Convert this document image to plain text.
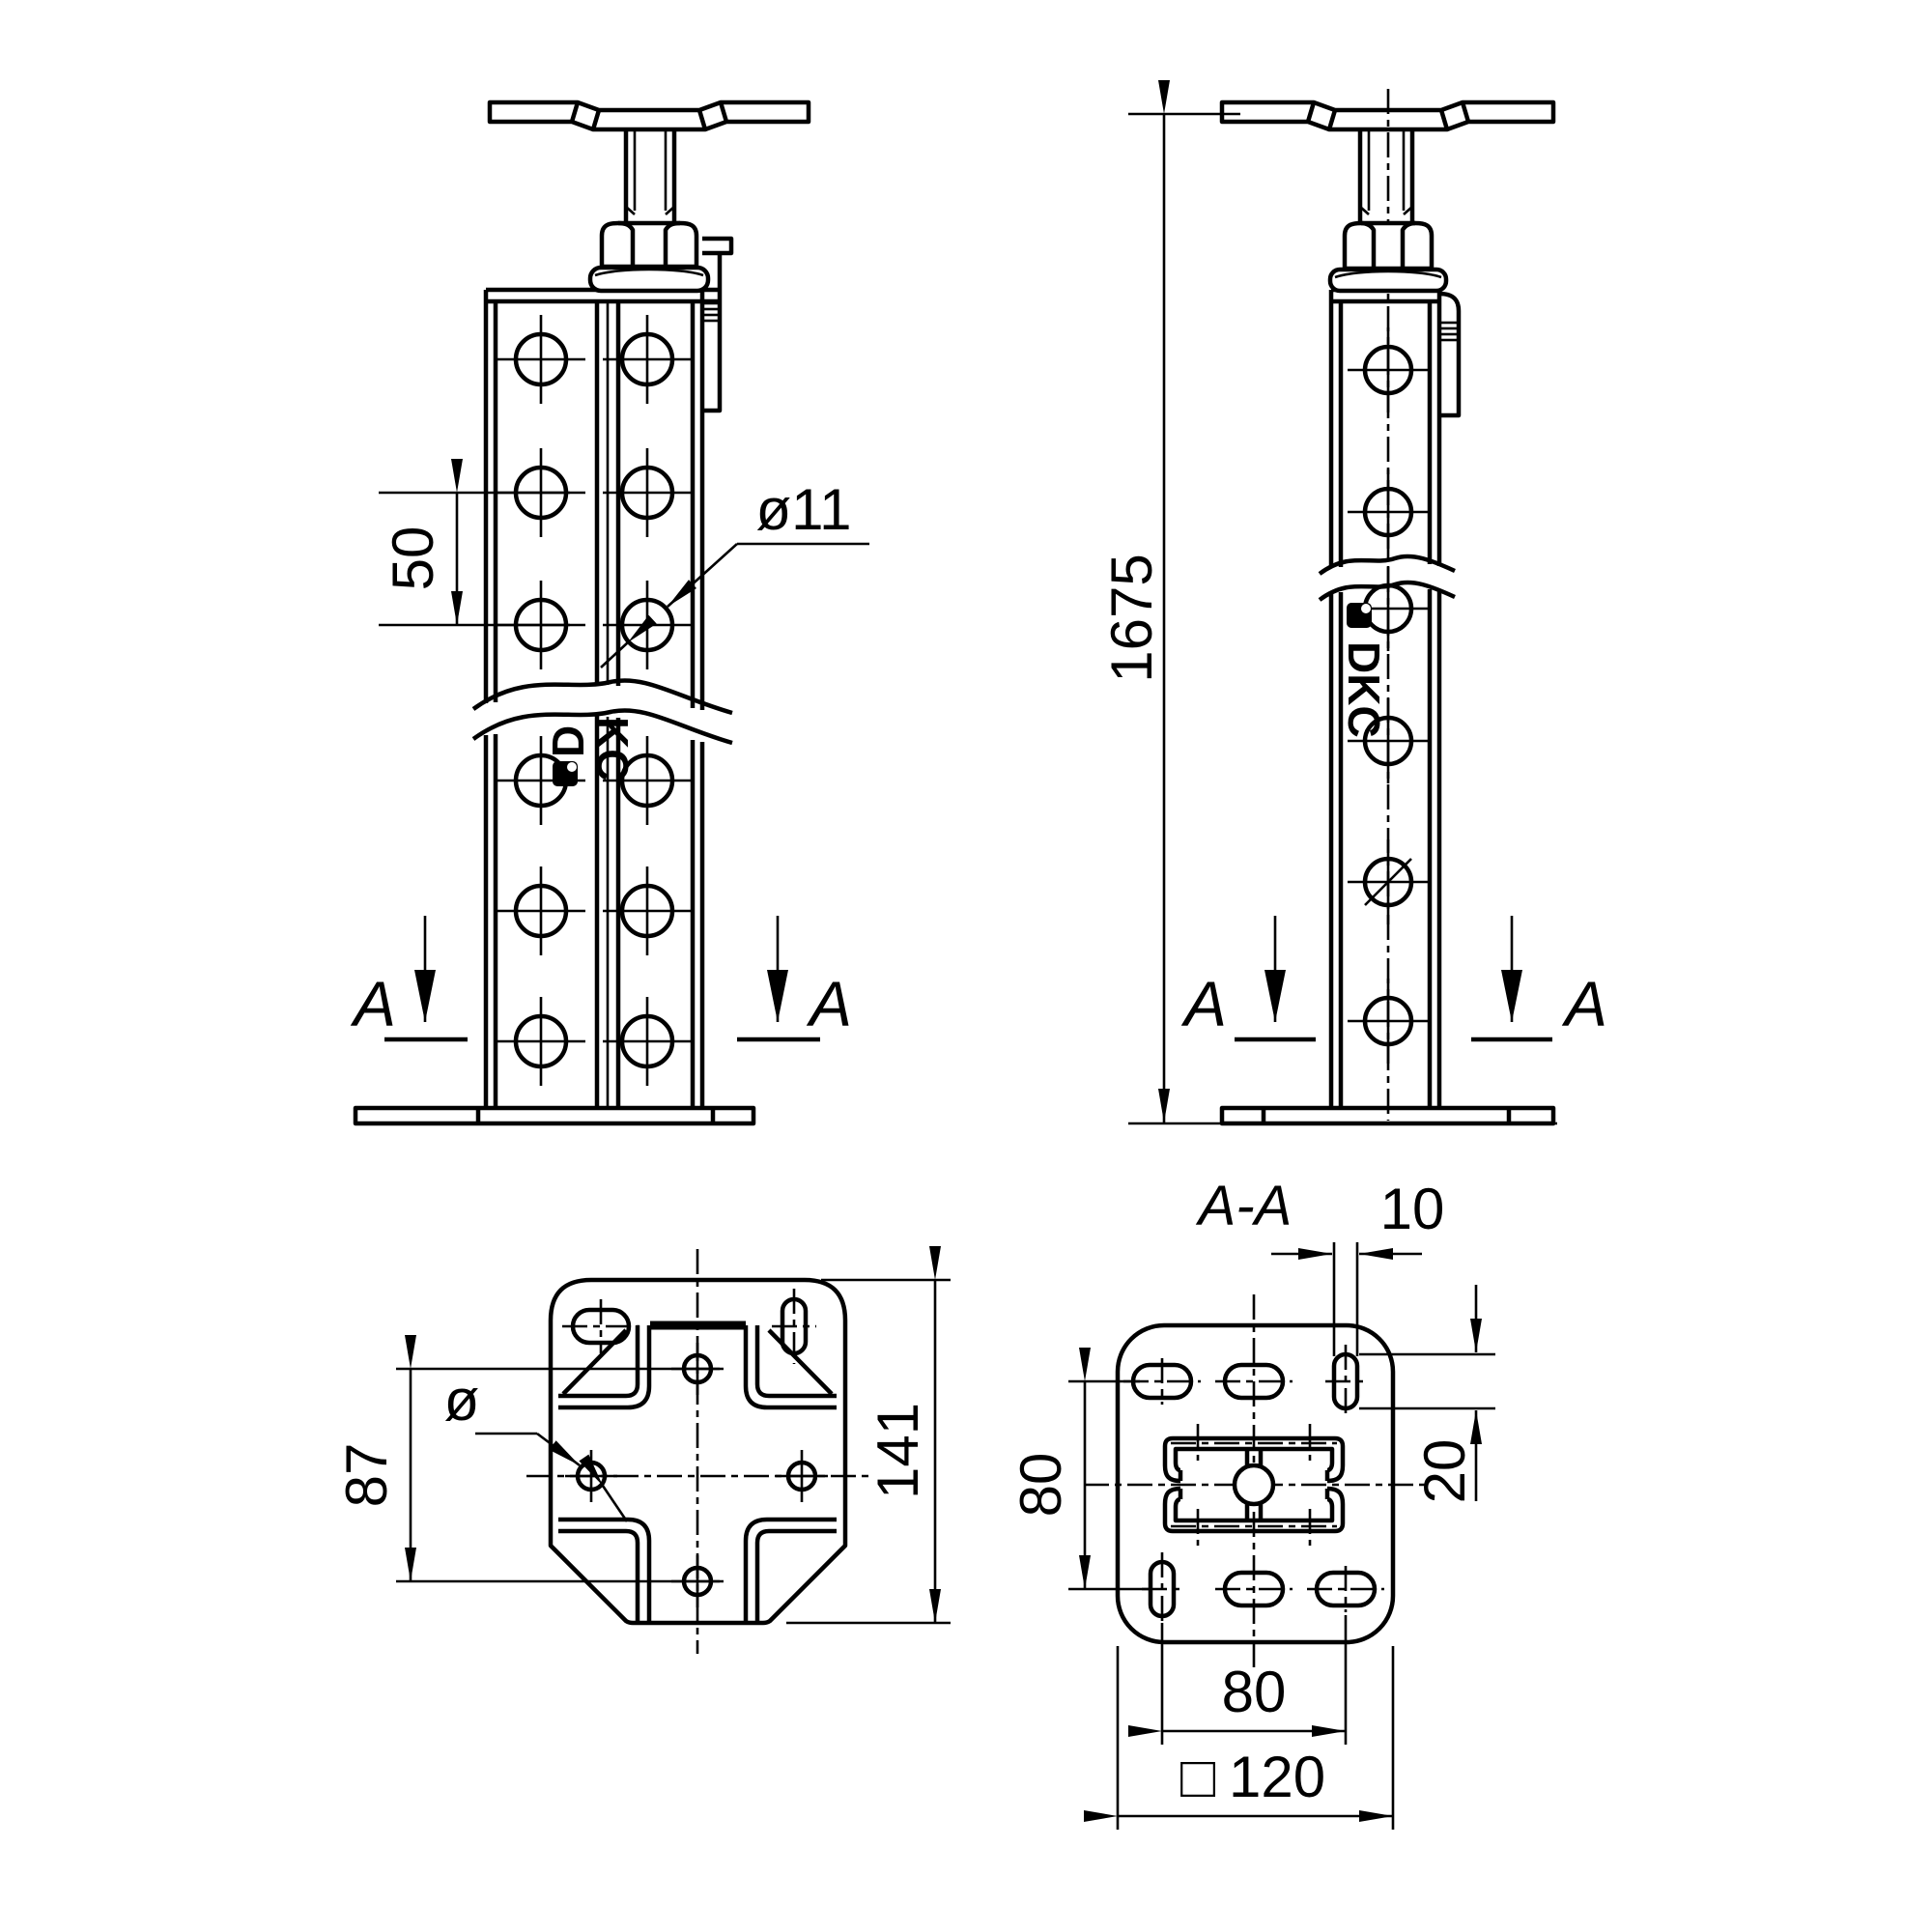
D
KC
50
ø11
A	A
DKC
1675
A	A
87	141
ø
A-A 10
20
80
80
□ 120
